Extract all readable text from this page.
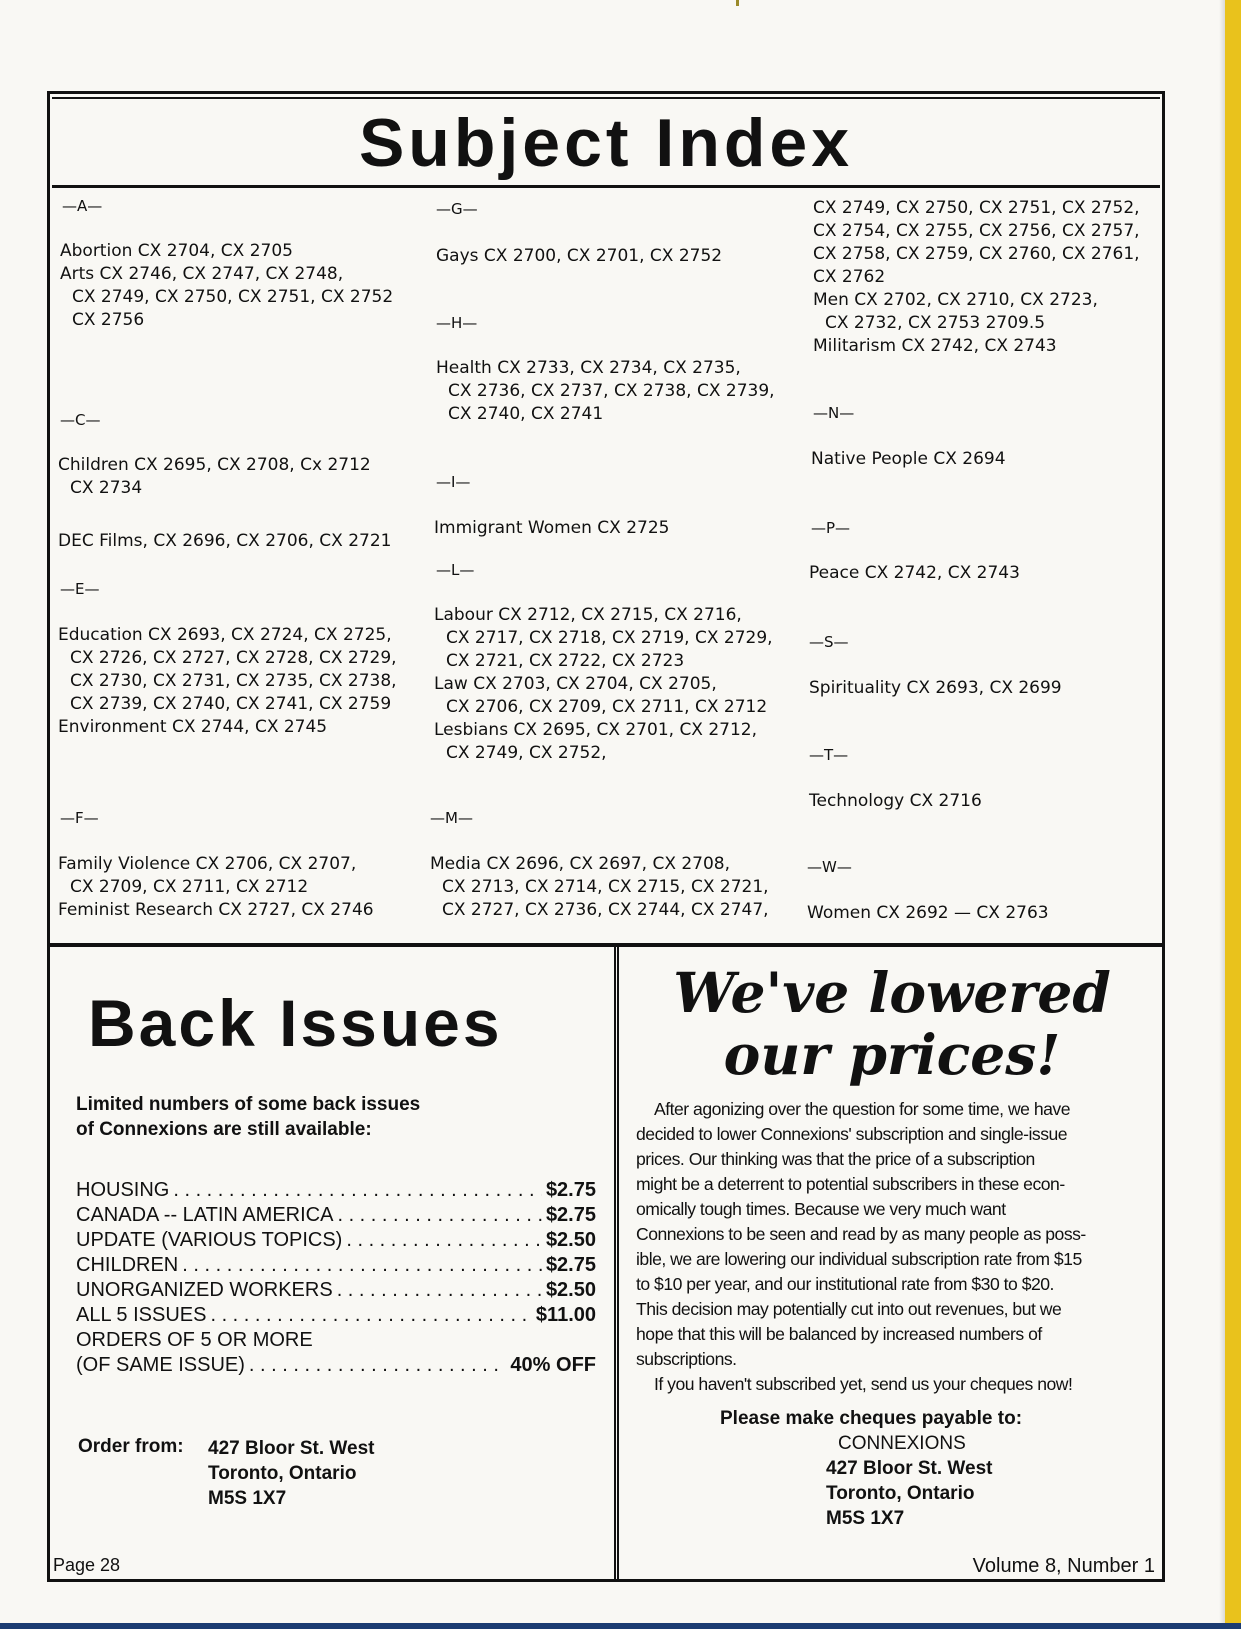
Subject Index
—A—
Abortion CX 2704, CX 2705
Arts CX 2746, CX 2747, CX 2748,
CX 2749, CX 2750, CX 2751, CX 2752
CX 2756
—C—
Children CX 2695, CX 2708, Cx 2712
CX 2734
DEC Films, CX 2696, CX 2706, CX 2721
—E—
Education CX 2693, CX 2724, CX 2725,
CX 2726, CX 2727, CX 2728, CX 2729,
CX 2730, CX 2731, CX 2735, CX 2738,
CX 2739, CX 2740, CX 2741, CX 2759
Environment CX 2744, CX 2745
—F—
Family Violence CX 2706, CX 2707,
CX 2709, CX 2711, CX 2712
Feminist Research CX 2727, CX 2746
—G—
Gays CX 2700, CX 2701, CX 2752
—H—
Health CX 2733, CX 2734, CX 2735,
CX 2736, CX 2737, CX 2738, CX 2739,
CX 2740, CX 2741
—I—
Immigrant Women CX 2725
—L—
Labour CX 2712, CX 2715, CX 2716,
CX 2717, CX 2718, CX 2719, CX 2729,
CX 2721, CX 2722, CX 2723
Law CX 2703, CX 2704, CX 2705,
CX 2706, CX 2709, CX 2711, CX 2712
Lesbians CX 2695, CX 2701, CX 2712,
CX 2749, CX 2752,
—M—
Media CX 2696, CX 2697, CX 2708,
CX 2713, CX 2714, CX 2715, CX 2721,
CX 2727, CX 2736, CX 2744, CX 2747,
CX 2749, CX 2750, CX 2751, CX 2752,
CX 2754, CX 2755, CX 2756, CX 2757,
CX 2758, CX 2759, CX 2760, CX 2761,
CX 2762
Men CX 2702, CX 2710, CX 2723,
CX 2732, CX 2753 2709.5
Militarism CX 2742, CX 2743
—N—
Native People CX 2694
—P—
Peace CX 2742, CX 2743
—S—
Spirituality CX 2693, CX 2699
—T—
Technology CX 2716
—W—
Women CX 2692 — CX 2763
Back Issues
Limited numbers of some back issues
of Connexions are still available:
HOUSING . . .	$2.75
CANADA -- LATIN AMERICA . . .	$2.75
UPDATE (VARIOUS TOPICS) . . .	$2.50
CHILDREN . . .	$2.75
UNORGANIZED WORKERS . . .	$2.50
ALL 5 ISSUES . . .	$11.00
ORDERS OF 5 OR MORE
(OF SAME ISSUE) . . .	40% OFF
Order from: 427 Bloor St. West
Toronto, Ontario
M5S 1X7
Page 28
We've lowered
our prices!

After agonizing over the question for some time, we have

decided to lower Connexions' subscription and single-issue
prices. Our thinking was that the price of a subscription
might be a deterrent to potential subscribers in these econ-
omically tough times. Because we very much want
Connexions to be seen and read by as many people as poss-
ible, we are lowering our individual subscription rate from $15
to $10 per year, and our institutional rate from $30 to $20.
This decision may potentially cut into out revenues, but we
hope that this will be balanced by increased numbers of
subscriptions.

If you haven't subscribed yet, send us your cheques now!

Please make cheques payable to:
CONNEXIONS
427 Bloor St. West
Toronto, Ontario
M5S 1X7
Volume 8, Number 1
